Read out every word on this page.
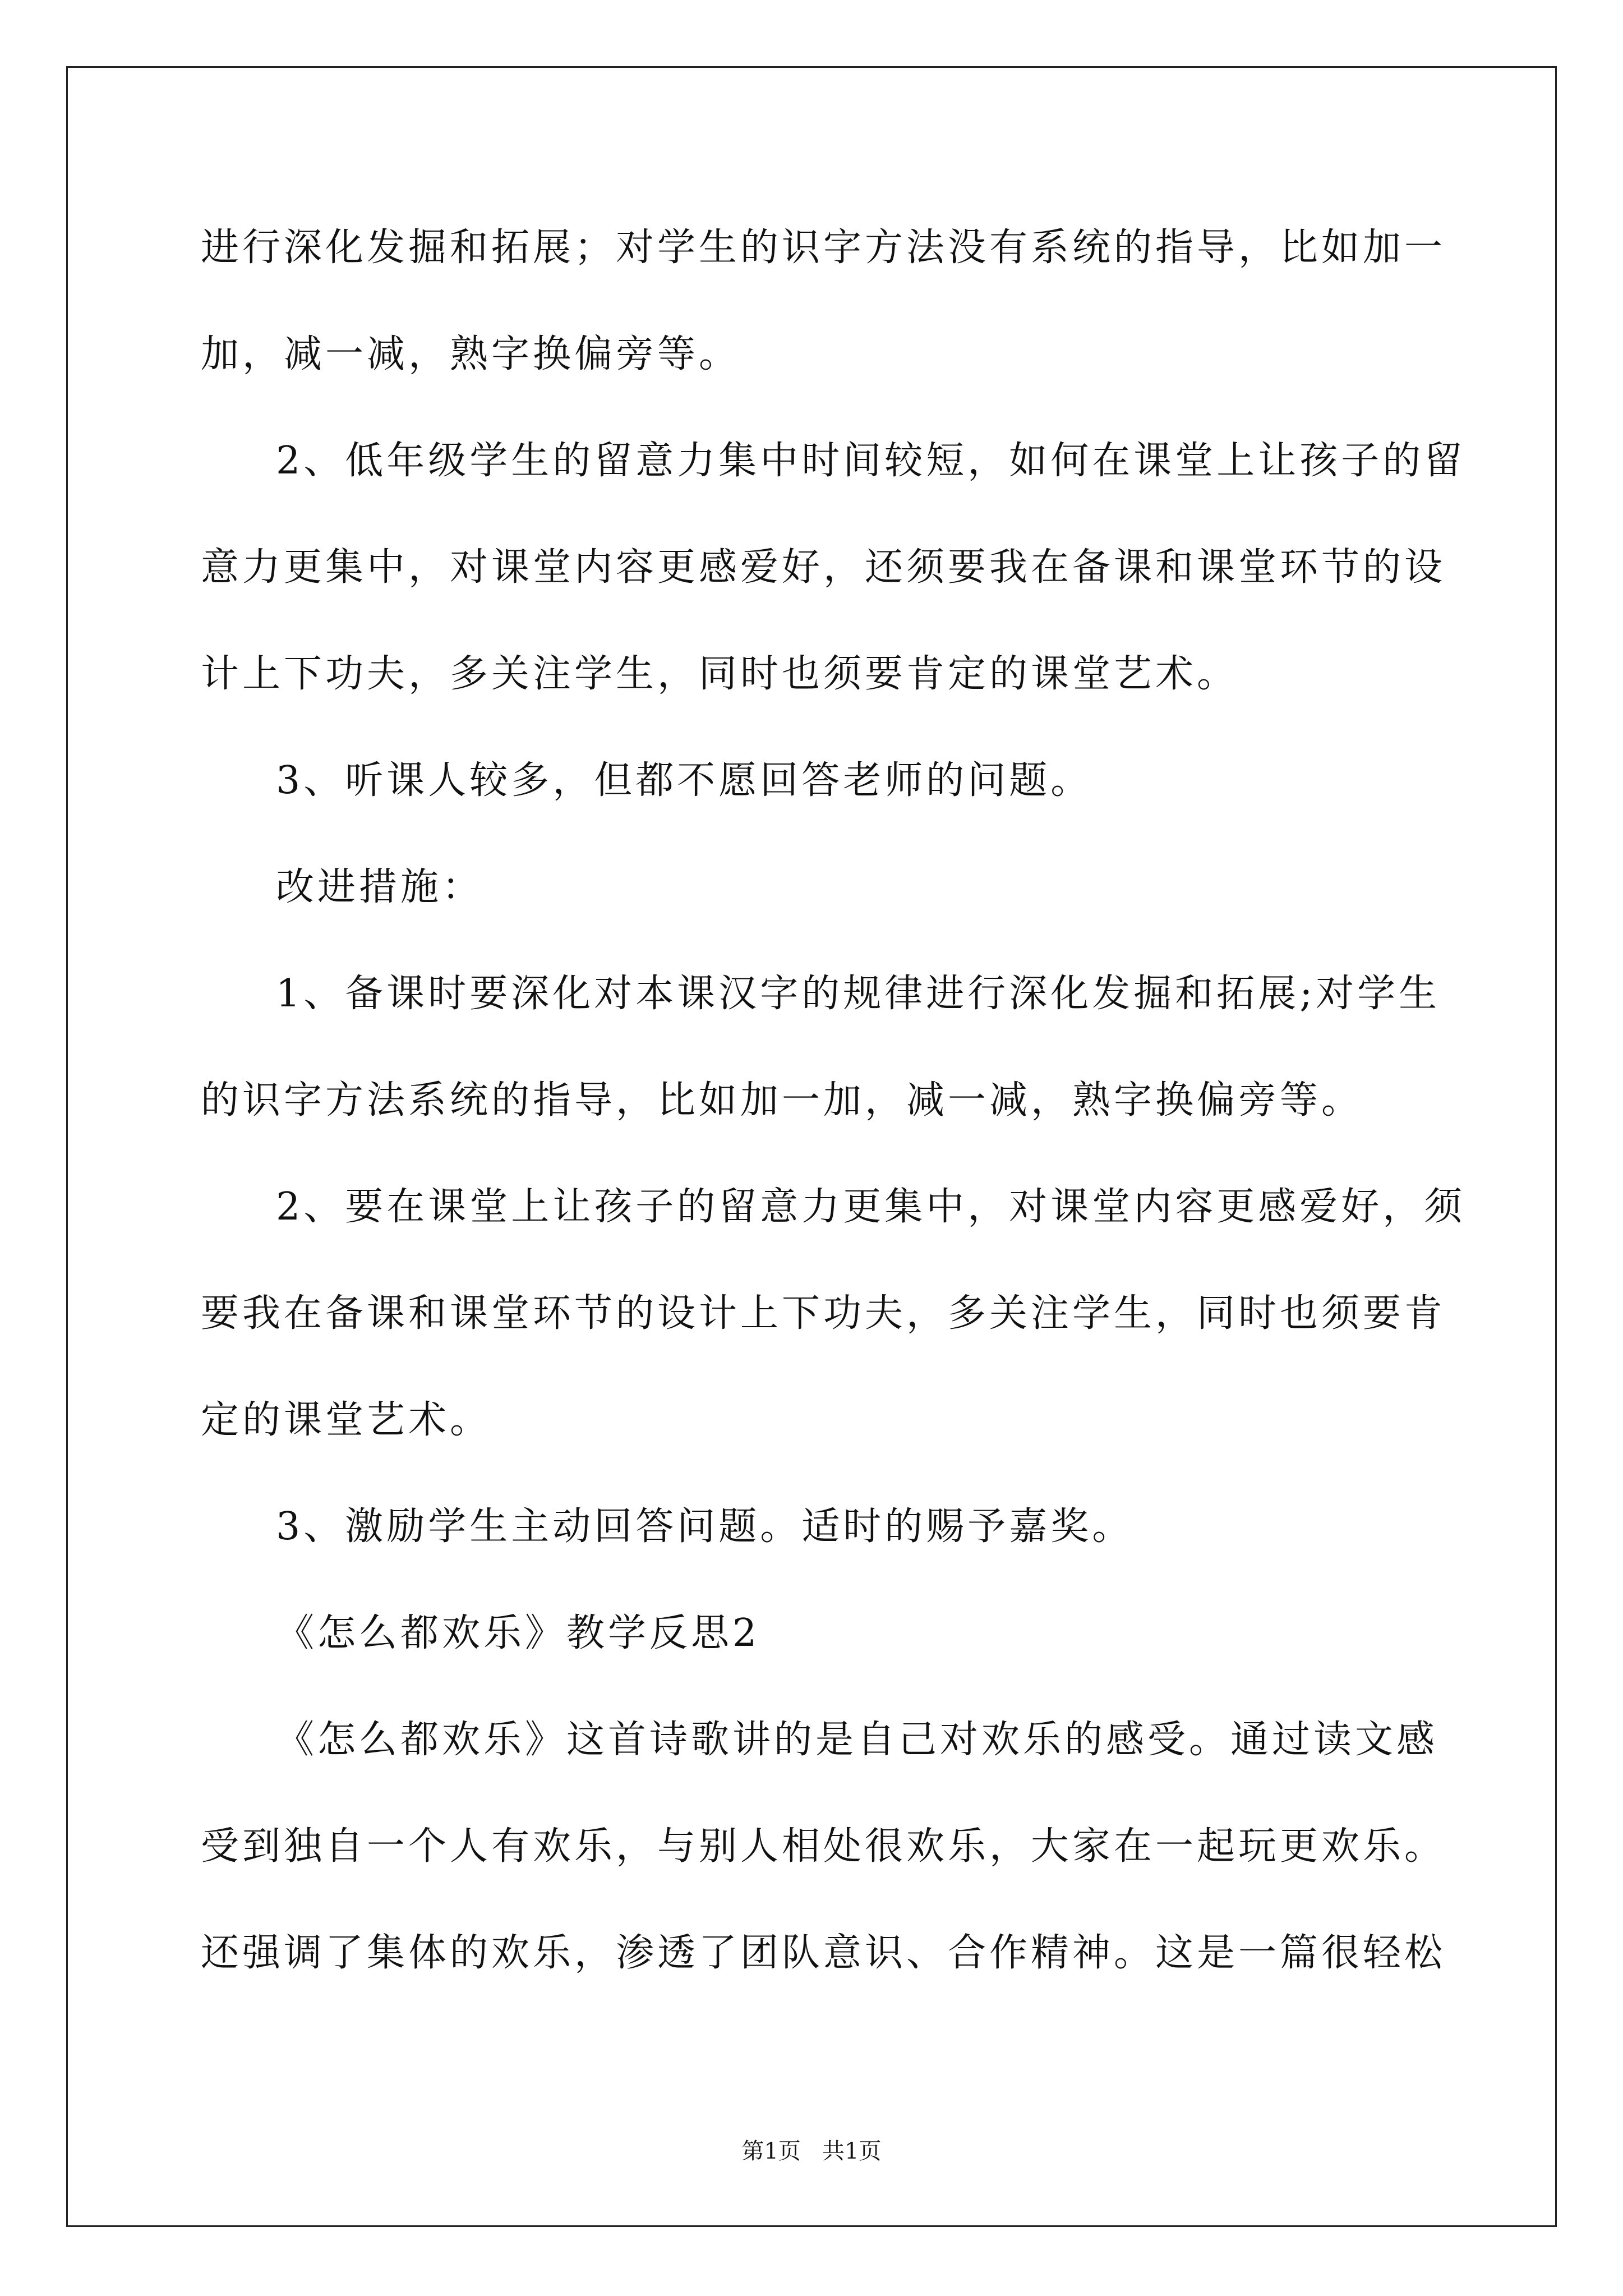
进行深化发掘和拓展；对学生的识字方法没有系统的指导，比如加一
加，减一减，熟字换偏旁等。
2、低年级学生的留意力集中时间较短，如何在课堂上让孩子的留
意力更集中，对课堂内容更感爱好，还须要我在备课和课堂环节的设
计上下功夫，多关注学生，同时也须要肯定的课堂艺术。
3、听课人较多，但都不愿回答老师的问题。
改进措施：
1、备课时要深化对本课汉字的规律进行深化发掘和拓展;对学生
的识字方法系统的指导，比如加一加，减一减，熟字换偏旁等。
2、要在课堂上让孩子的留意力更集中，对课堂内容更感爱好，须
要我在备课和课堂环节的设计上下功夫，多关注学生，同时也须要肯
定的课堂艺术。
3、激励学生主动回答问题。适时的赐予嘉奖。
《怎么都欢乐》教学反思2
《怎么都欢乐》这首诗歌讲的是自己对欢乐的感受。通过读文感
受到独自一个人有欢乐，与别人相处很欢乐，大家在一起玩更欢乐。
还强调了集体的欢乐，渗透了团队意识、合作精神。这是一篇很轻松
第1页   共1页
